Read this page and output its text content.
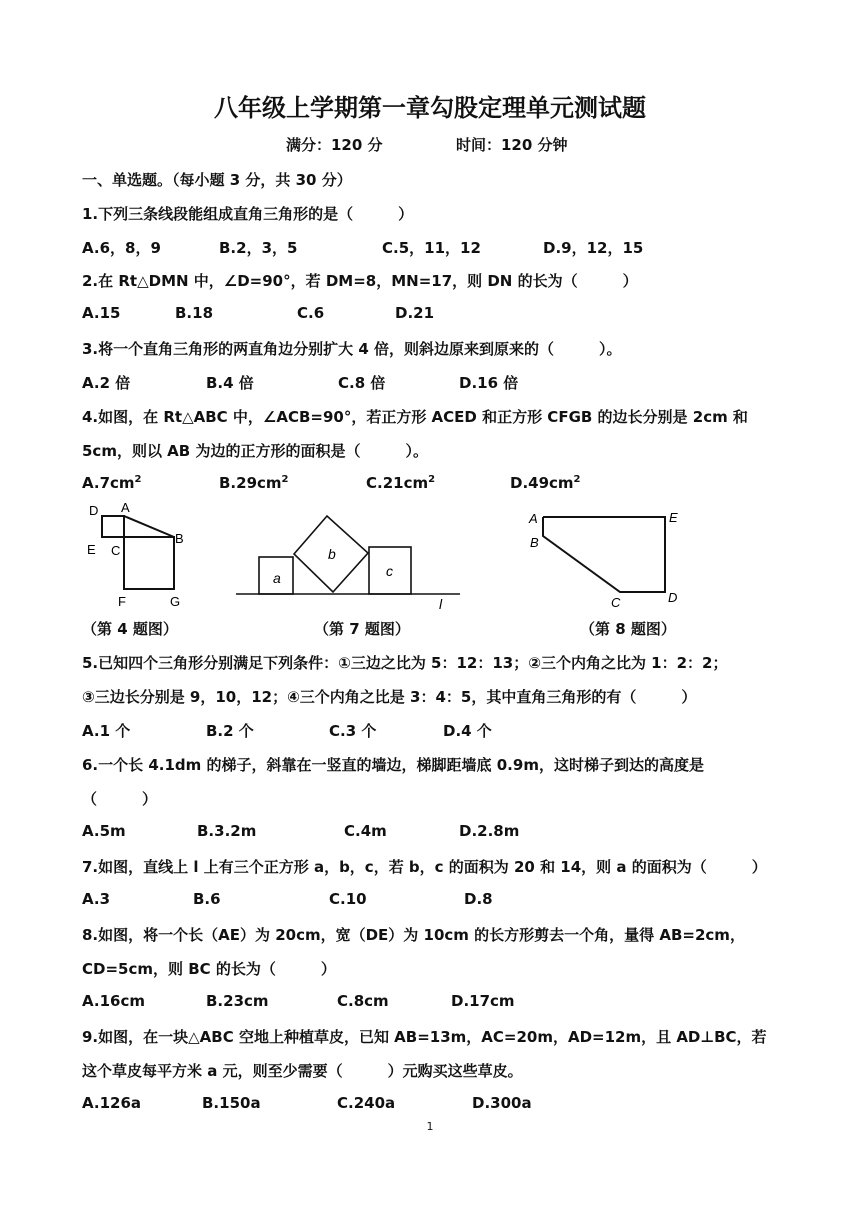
八年级上学期第一章勾股定理单元测试题
满分：120 分	时间：120 分钟
一、单选题。（每小题 3 分，共 30 分）
1.下列三条线段能组成直角三角形的是（　　　）
A.6，8，9	B.2，3，5	C.5，11，12	D.9，12，15
2.在 Rt△DMN 中，∠D=90°，若 DM=8，MN=17，则 DN 的长为（　　　）
A.15	B.18	C.6	D.21
3.将一个直角三角形的两直角边分别扩大 4 倍，则斜边原来到原来的（　　　）。
A.2 倍	B.4 倍	C.8 倍	D.16 倍
4.如图，在 Rt△ABC 中，∠ACB=90°，若正方形 ACED 和正方形 CFGB 的边长分别是 2cm 和
5cm，则以 AB 为边的正方形的面积是（　　　）。
$A.7cm^2$	$B.29cm^2$	$C.21cm^2$	$D.49cm^2$
D A
E C
B
F	G
a
b
c
l
A	E
B
C	D
（第 4 题图）	（第 7 题图）	（第 8 题图）
5.已知四个三角形分别满足下列条件：①三边之比为 5：12：13；②三个内角之比为 1：2：2；
③三边长分别是 9，10，12；④三个内角之比是 3：4：5，其中直角三角形的有（　　　）
A.1 个	B.2 个	C.3 个	D.4 个
6.一个长 4.1dm 的梯子，斜靠在一竖直的墙边，梯脚距墙底 0.9m，这时梯子到达的高度是
（　　　）
A.5m	B.3.2m	C.4m	D.2.8m
7.如图，直线上 l 上有三个正方形 a，b，c，若 b，c 的面积为 20 和 14，则 a 的面积为（　　　）
A.3	B.6	C.10	D.8
8.如图，将一个长（AE）为 20cm，宽（DE）为 10cm 的长方形剪去一个角，量得 AB=2cm，
CD=5cm，则 BC 的长为（　　　）
A.16cm	B.23cm	C.8cm	D.17cm
9.如图，在一块△ABC 空地上种植草皮，已知 AB=13m，AC=20m，AD=12m，且 AD⊥BC，若
这个草皮每平方米 a 元，则至少需要（　　　）元购买这些草皮。
A.126a	B.150a	C.240a	D.300a
1
